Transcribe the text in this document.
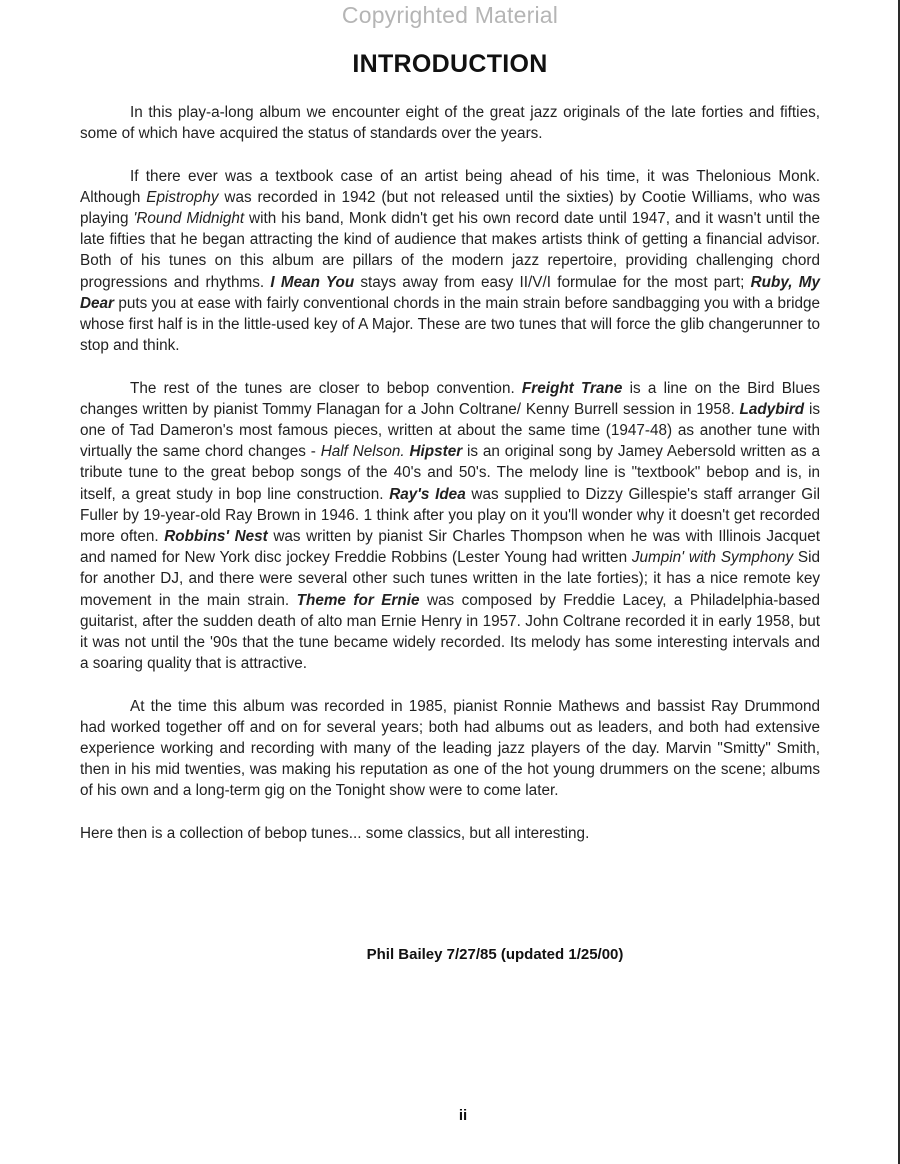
Copyrighted Material
INTRODUCTION

In this play-a-long album we encounter eight of the great jazz originals of the late forties and fifties, some of which have acquired the status of standards over the years.

If there ever was a textbook case of an artist being ahead of his time, it was Thelonious Monk. Although Epistrophy was recorded in 1942 (but not released until the sixties) by Cootie Williams, who was playing 'Round Midnight with his band, Monk didn't get his own record date until 1947, and it wasn't until the late fifties that he began attracting the kind of audience that makes artists think of getting a financial advisor. Both of his tunes on this album are pillars of the modern jazz repertoire, providing challenging chord progressions and rhythms. I Mean You stays away from easy II/V/I formulae for the most part; Ruby, My Dear puts you at ease with fairly conventional chords in the main strain before sandbagging you with a bridge whose first half is in the little-used key of A Major. These are two tunes that will force the glib changerunner to stop and think.

The rest of the tunes are closer to bebop convention. Freight Trane is a line on the Bird Blues changes written by pianist Tommy Flanagan for a John Coltrane/ Kenny Burrell session in 1958. Ladybird is one of Tad Dameron's most famous pieces, written at about the same time (1947-48) as another tune with virtually the same chord changes - Half Nelson. Hipster is an original song by Jamey Aebersold written as a tribute tune to the great bebop songs of the 40's and 50's. The melody line is "textbook" bebop and is, in itself, a great study in bop line construction. Ray's Idea was supplied to Dizzy Gillespie's staff arranger Gil Fuller by 19-year-old Ray Brown in 1946. 1 think after you play on it you'll wonder why it doesn't get recorded more often. Robbins' Nest was written by pianist Sir Charles Thompson when he was with Illinois Jacquet and named for New York disc jockey Freddie Robbins (Lester Young had written Jumpin' with Symphony Sid for another DJ, and there were several other such tunes written in the late forties); it has a nice remote key movement in the main strain. Theme for Ernie was composed by Freddie Lacey, a Philadelphia-based guitarist, after the sudden death of alto man Ernie Henry in 1957. John Coltrane recorded it in early 1958, but it was not until the '90s that the tune became widely recorded. Its melody has some interesting intervals and a soaring quality that is attractive.

At the time this album was recorded in 1985, pianist Ronnie Mathews and bassist Ray Drummond had worked together off and on for several years; both had albums out as leaders, and both had extensive experience working and recording with many of the leading jazz players of the day. Marvin "Smitty" Smith, then in his mid twenties, was making his reputation as one of the hot young drummers on the scene; albums of his own and a long-term gig on the Tonight show were to come later.

Here then is a collection of bebop tunes... some classics, but all interesting.

Phil Bailey 7/27/85 (updated 1/25/00)
ii
